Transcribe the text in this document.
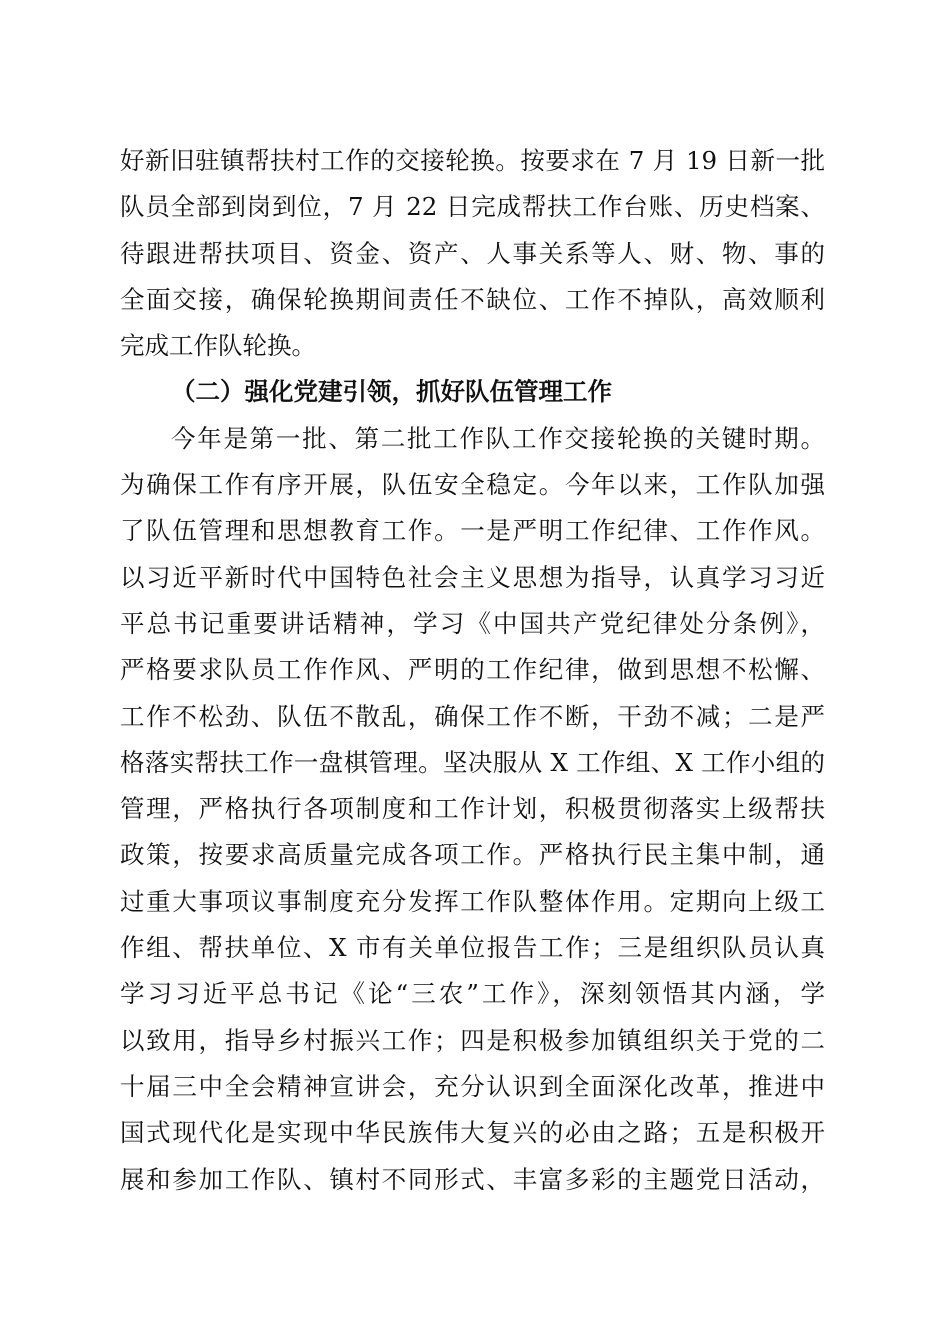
好新旧驻镇帮扶村工作的交接轮换。按要求在 7 月 19 日新一批
队员全部到岗到位，7 月 22 日完成帮扶工作台账、历史档案、
待跟进帮扶项目、资金、资产、人事关系等人、财、物、事的
全面交接，确保轮换期间责任不缺位、工作不掉队，高效顺利
完成工作队轮换。
（二）强化党建引领，抓好队伍管理工作
今年是第一批、第二批工作队工作交接轮换的关键时期。
为确保工作有序开展，队伍安全稳定。今年以来，工作队加强
了队伍管理和思想教育工作。一是严明工作纪律、工作作风。
以习近平新时代中国特色社会主义思想为指导，认真学习习近
平总书记重要讲话精神，学习《中国共产党纪律处分条例》，
严格要求队员工作作风、严明的工作纪律，做到思想不松懈、
工作不松劲、队伍不散乱，确保工作不断，干劲不减；二是严
格落实帮扶工作一盘棋管理。坚决服从 X 工作组、X 工作小组的
管理，严格执行各项制度和工作计划，积极贯彻落实上级帮扶
政策，按要求高质量完成各项工作。严格执行民主集中制，通
过重大事项议事制度充分发挥工作队整体作用。定期向上级工
作组、帮扶单位、X 市有关单位报告工作；三是组织队员认真
学习习近平总书记《论“三农”工作》，深刻领悟其内涵，学
以致用，指导乡村振兴工作；四是积极参加镇组织关于党的二
十届三中全会精神宣讲会，充分认识到全面深化改革，推进中
国式现代化是实现中华民族伟大复兴的必由之路；五是积极开
展和参加工作队、镇村不同形式、丰富多彩的主题党日活动，
